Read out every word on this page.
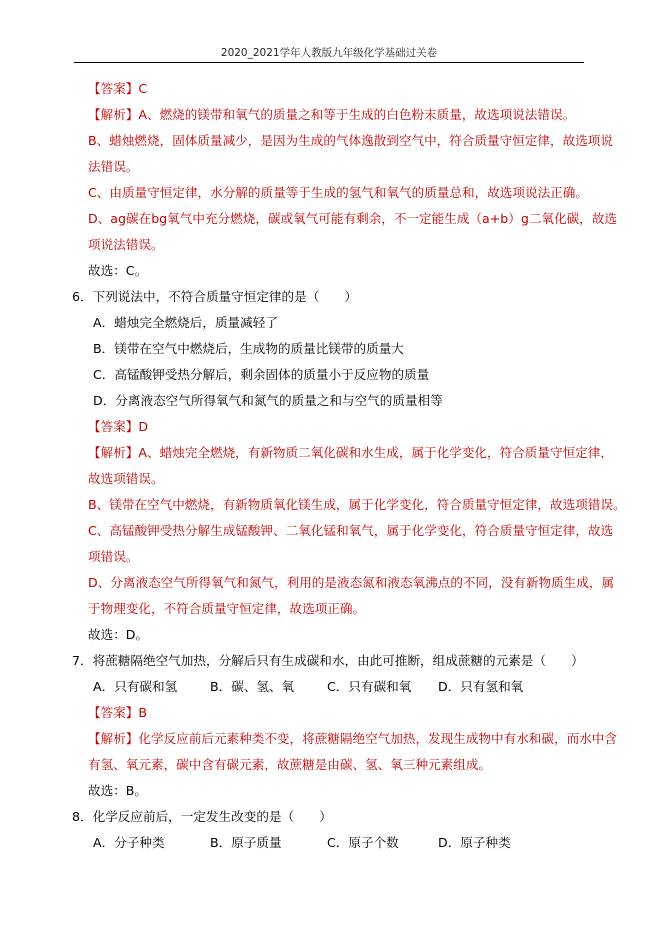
2020_2021学年人教版九年级化学基础过关卷
【答案】C
【解析】A、燃烧的镁带和氧气的质量之和等于生成的白色粉末质量，故选项说法错误。
B、蜡烛燃烧，固体质量减少，是因为生成的气体逸散到空气中，符合质量守恒定律，故选项说
法错误。
C、由质量守恒定律，水分解的质量等于生成的氢气和氧气的质量总和，故选项说法正确。
D、ag碳在bg氧气中充分燃烧，碳或氧气可能有剩余，不一定能生成（a+b）g二氧化碳，故选
项说法错误。
故选：C。
6．下列说法中，不符合质量守恒定律的是（　　）
A．蜡烛完全燃烧后，质量减轻了
B．镁带在空气中燃烧后，生成物的质量比镁带的质量大
C．高锰酸钾受热分解后，剩余固体的质量小于反应物的质量
D．分离液态空气所得氧气和氮气的质量之和与空气的质量相等
【答案】D
【解析】A、蜡烛完全燃烧，有新物质二氧化碳和水生成，属于化学变化，符合质量守恒定律，
故选项错误。
B、镁带在空气中燃烧，有新物质氧化镁生成，属于化学变化，符合质量守恒定律，故选项错误。
C、高锰酸钾受热分解生成锰酸钾、二氧化锰和氧气，属于化学变化，符合质量守恒定律，故选
项错误。
D、分离液态空气所得氧气和氮气，利用的是液态氮和液态氧沸点的不同，没有新物质生成，属
于物理变化，不符合质量守恒定律，故选项正确。
故选：D。
7．将蔗糖隔绝空气加热，分解后只有生成碳和水，由此可推断，组成蔗糖的元素是（　　）
A．只有碳和氢	B．碳、氢、氧	C．只有碳和氧	D．只有氢和氧
【答案】B
【解析】化学反应前后元素种类不变，将蔗糖隔绝空气加热，发现生成物中有水和碳，而水中含
有氢、氧元素，碳中含有碳元素，故蔗糖是由碳、氢、氧三种元素组成。
故选：B。
8．化学反应前后，一定发生改变的是（　　）
A．分子种类	B．原子质量	C．原子个数	D．原子种类
